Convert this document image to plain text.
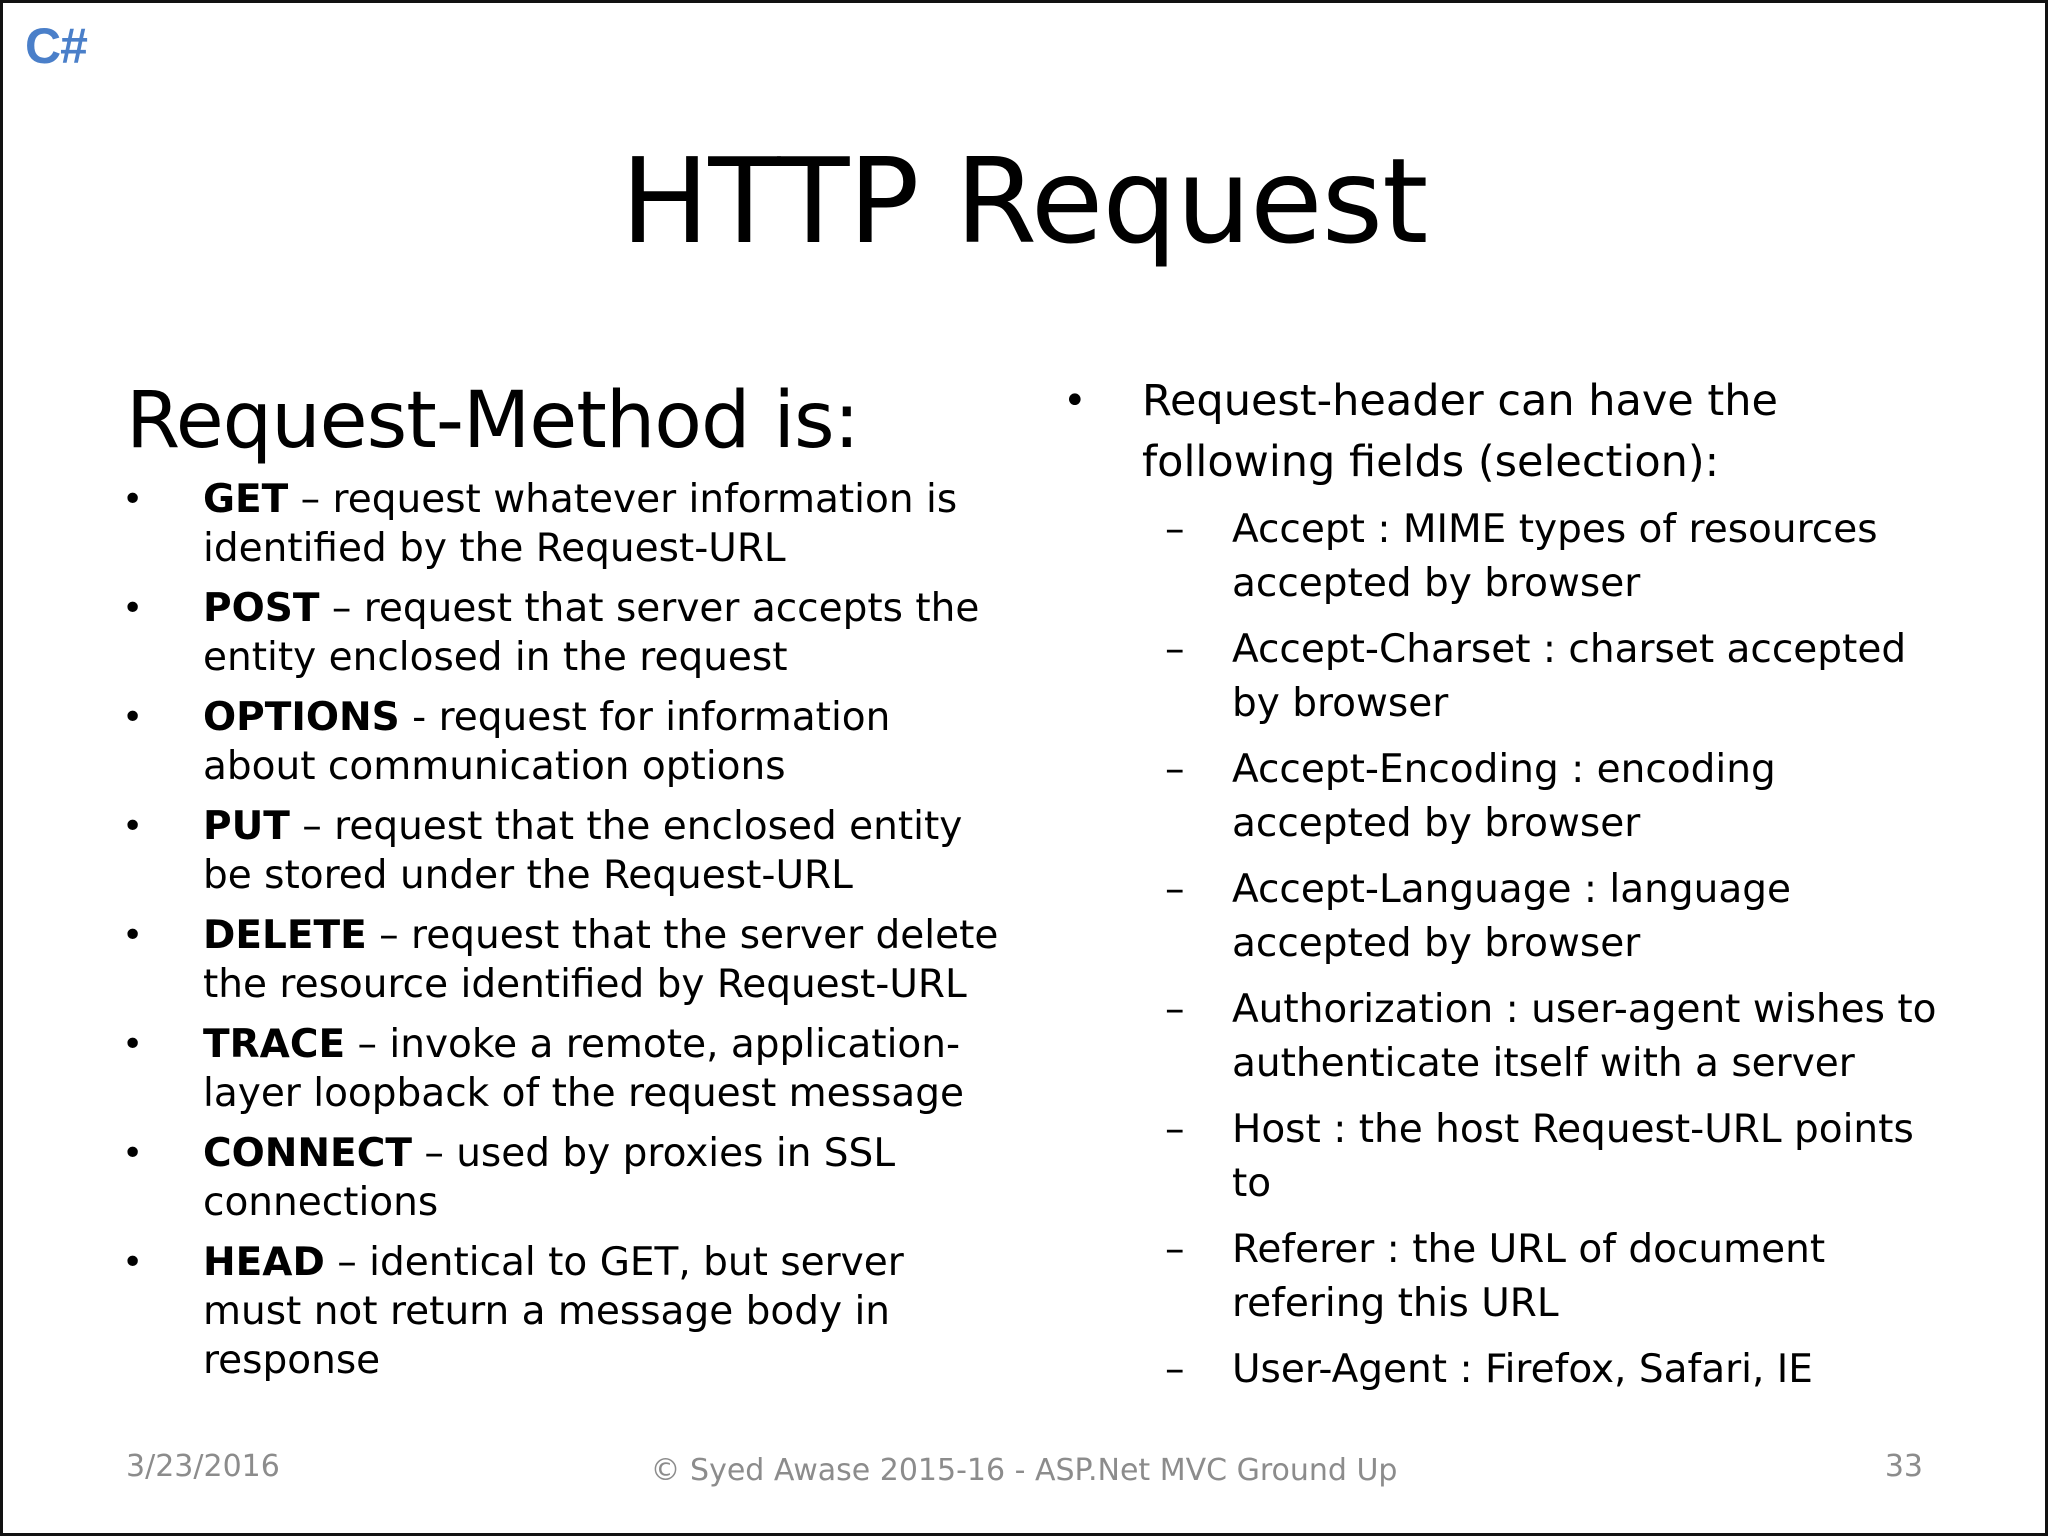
C#
HTTP Request
Request-Method is:
• GET – request whatever information is identified by the Request-URL
• POST – request that server accepts the entity enclosed in the request
• OPTIONS - request for information about communication options
• PUT – request that the enclosed entity be stored under the Request-URL
• DELETE – request that the server delete the resource identified by Request-URL
• TRACE – invoke a remote, application-layer loopback of the request message
• CONNECT – used by proxies in SSL connections
• HEAD – identical to GET, but server must not return a message body in response
• Request-header can have the following fields (selection):
– Accept : MIME types of resources accepted by browser
– Accept-Charset : charset accepted by browser
– Accept-Encoding : encoding accepted by browser
– Accept-Language : language accepted by browser
– Authorization : user-agent wishes to authenticate itself with a server
– Host : the host Request-URL points to
– Referer : the URL of document refering this URL
– User-Agent : Firefox, Safari, IE
3/23/2016	© Syed Awase 2015-16 - ASP.Net MVC Ground Up	33
